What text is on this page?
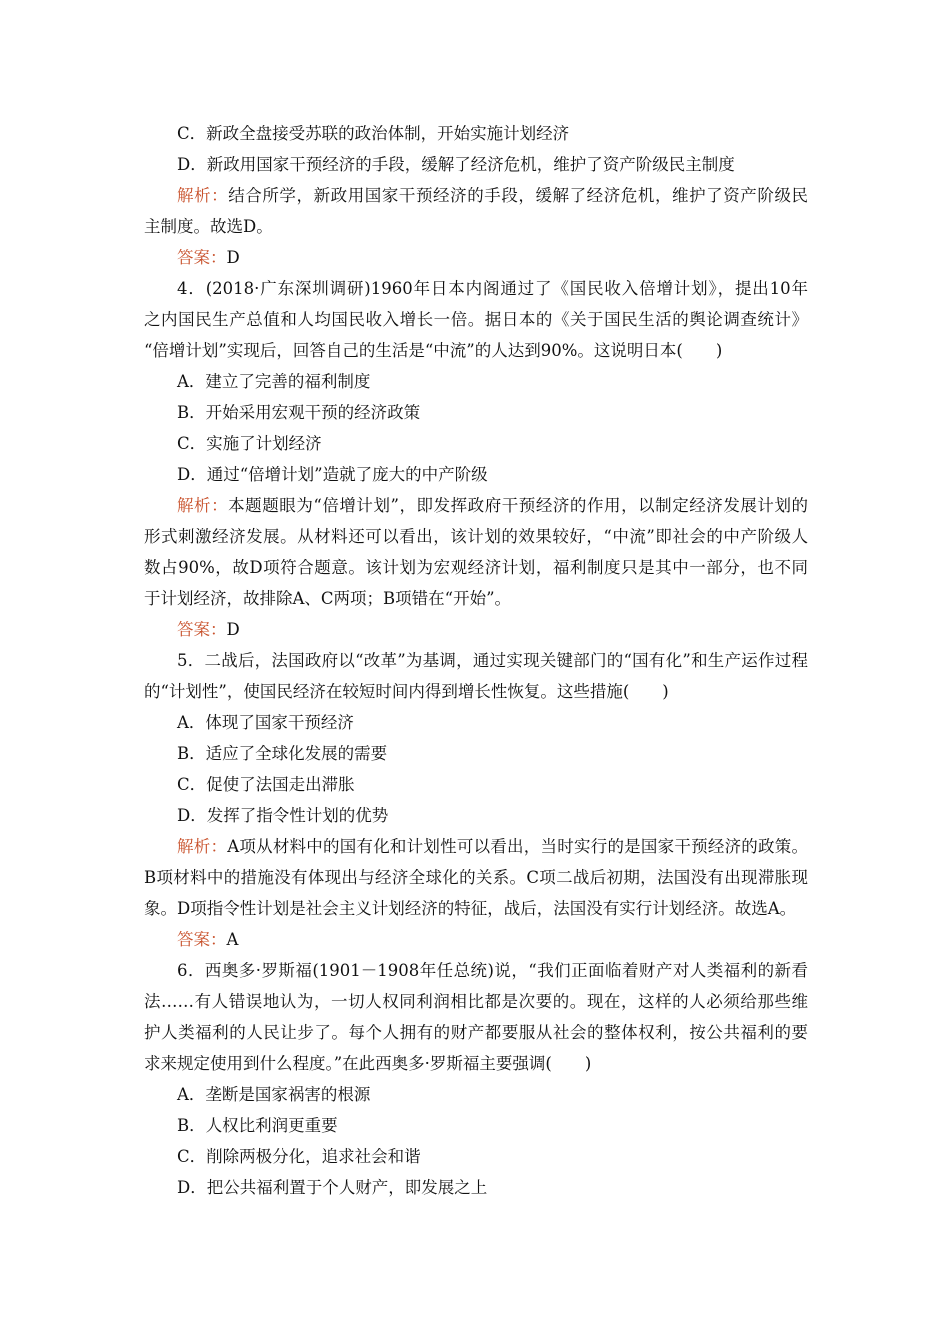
C．新政全盘接受苏联的政治体制，开始实施计划经济
D．新政用国家干预经济的手段，缓解了经济危机，维护了资产阶级民主制度
解析：结合所学，新政用国家干预经济的手段，缓解了经济危机，维护了资产阶级民
主制度。故选D。
答案：D
4．(2018·广东深圳调研)1960年日本内阁通过了《国民收入倍增计划》，提出10年
之内国民生产总值和人均国民收入增长一倍。据日本的《关于国民生活的舆论调查统计》
“倍增计划”实现后，回答自己的生活是“中流”的人达到90%。这说明日本(　　)
A．建立了完善的福利制度
B．开始采用宏观干预的经济政策
C．实施了计划经济
D．通过“倍增计划”造就了庞大的中产阶级
解析：本题题眼为“倍增计划”，即发挥政府干预经济的作用，以制定经济发展计划的
形式刺激经济发展。从材料还可以看出，该计划的效果较好，“中流”即社会的中产阶级人
数占90%，故D项符合题意。该计划为宏观经济计划，福利制度只是其中一部分，也不同
于计划经济，故排除A、C两项；B项错在“开始”。
答案：D
5．二战后，法国政府以“改革”为基调，通过实现关键部门的“国有化”和生产运作过程
的“计划性”，使国民经济在较短时间内得到增长性恢复。这些措施(　　)
A．体现了国家干预经济
B．适应了全球化发展的需要
C．促使了法国走出滞胀
D．发挥了指令性计划的优势
解析：A项从材料中的国有化和计划性可以看出，当时实行的是国家干预经济的政策。
B项材料中的措施没有体现出与经济全球化的关系。C项二战后初期，法国没有出现滞胀现
象。D项指令性计划是社会主义计划经济的特征，战后，法国没有实行计划经济。故选A。
答案：A
6．西奥多·罗斯福(1901－1908年任总统)说，“我们正面临着财产对人类福利的新看
法……有人错误地认为，一切人权同利润相比都是次要的。现在，这样的人必须给那些维
护人类福利的人民让步了。每个人拥有的财产都要服从社会的整体权利，按公共福利的要
求来规定使用到什么程度。”在此西奥多·罗斯福主要强调(　　)
A．垄断是国家祸害的根源
B．人权比利润更重要
C．削除两极分化，追求社会和谐
D．把公共福利置于个人财产，即发展之上
